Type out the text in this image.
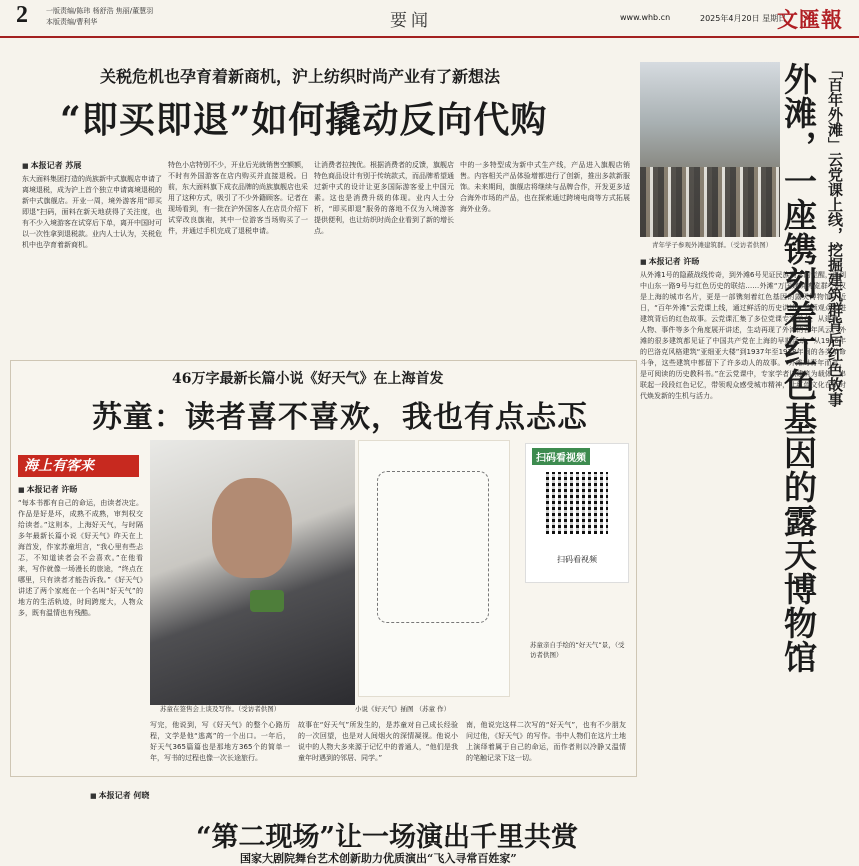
2	一版责编/陈玮 杨舒浩 焦丽/董慧羽
本版责编/曹利华	要闻	www.whb.cn	2025年4月20日 星期日
文匯報
关税危机也孕育着新商机，沪上纺织时尚产业有了新想法
“即买即退”如何撬动反向代购
■ 本报记者 苏展
东大面料集团打造的尚族新中式旗舰店申请了离境退税，成为沪上首个独立申请离境退税的新中式旗舰店。开业一周，境外游客用“即买即退”扫码，面料在新天地获得了关注度，也有不少入境游客在试穿后下单，离开中国时可以一次性拿到退税款。业内人士认为，关税危机中也孕育着新商机。
特色小店特别不少，开业后光就销售空额额，不时有外国游客在店内购买并直接退税。日前，东大面料旗下成衣品牌的尚族旗舰店也采用了这种方式，吸引了不少外籍顾客。记者在现场看到，有一批在沪外国客人在店员介绍下试穿改良旗袍，其中一位游客当场购买了一件，并通过手机完成了退税申请。
让消费者拉拽优。根据消费者的反馈，旗舰店特色商品设计有别于传统款式，而品牌希望通过新中式的设计让更多国际游客爱上中国元素。这也是消费升级的体现。业内人士分析，“即买即退”服务的落地不仅为入境游客提供便利，也让纺织时尚企业看到了新的增长点。
中的一多特型成为新中式生产线，产品进入旗舰店销售。内容相关产品体验增都进行了创新，推出多款新服饰。未来期间，旗舰店将继续与品牌合作，开发更多适合海外市场的产品，也在探索通过跨境电商等方式拓展海外业务。
青年学子参观外滩建筑群。（受访者供图）	「百年外滩」云党课上线，挖掘建筑群背后红色故事
外滩，一座镌刻着红色基因的露天博物馆
■ 本报记者 许旸
从外滩1号的隐蔽战线传奇，到外滩6号见证民族资本的觉醒，再到中山东一路9号与红色历史的联结……外滩“万国建筑博览群”不仅是上海的城市名片，更是一部镌刻着红色基因的露天博物馆。近日，“百年外滩”云党课上线，通过鲜活的历史讲述，带领观众走进建筑背后的红色故事。云党课汇集了多位党课专家学者，从建筑、人物、事件等多个角度展开讲述，生动再现了外滩的百年风云。外滩的很多建筑都见证了中国共产党在上海的早期活动，从1916年的巴洛克风格建筑“亚细亚大楼”到1937年至1938年间的各类革命斗争，这些建筑中都留下了许多动人的故事。“外滩对青年而言，是可阅读的历史教科书。”在云党课中，专家学者以建筑为载体，串联起一段段红色记忆，带领观众感受城市精神，让红色文化在新时代焕发新的生机与活力。
46万字最新长篇小说《好天气》在上海首发
苏童：读者喜不喜欢，我也有点忐忑
海上有客来
■ 本报记者 许旸
“每本书都有自己的命运，由读者决定。作品是好是坏，成熟不成熟，审判权交给读者。”这则本，上海好天气，与时隔多年最新长篇小说《好天气》昨天在上海首发，作家苏童坦言，“我心里有些忐忑，不知道读者会不会喜欢。”在他看来，写作就像一场漫长的旅途，“终点在哪里，只有读者才能告诉我。”《好天气》讲述了两个家庭在一个名叫“好天气”的地方的生活轨迹，时间跨度大，人物众多，既有温情也有残酷。
苏童在签售会上谈及写作。（受访者供图）	小说《好天气》插图 （苏童 作）
扫码看视频
扫码看视频
苏童亲自手绘的“好天气”景，（受访者供图）
写完，他说到，写《好天气》的整个心路历程，文学是他“逃离”的一个出口。一年后，好天气365篇篇也是那地方365个的简单一年，写书的过程也像一次长途旅行。
故事在“好天气”所发生的，是苏童对自己成长经验的一次回望，也是对人间烟火的深情凝视。他说小说中的人物大多来源于记忆中的普通人，“他们是我童年时遇到的邻居、同学。”
南，他说完这样二次写的“好天气”，也有不少朋友问过他，《好天气》的写作。书中人物们在这片土地上演绎着属于自己的命运，而作者则以冷静又温情的笔触记录下这一切。
■ 本报记者 何晓
“第二现场”让一场演出千里共赏
国家大剧院舞台艺术创新助力优质演出“飞入寻常百姓家”
